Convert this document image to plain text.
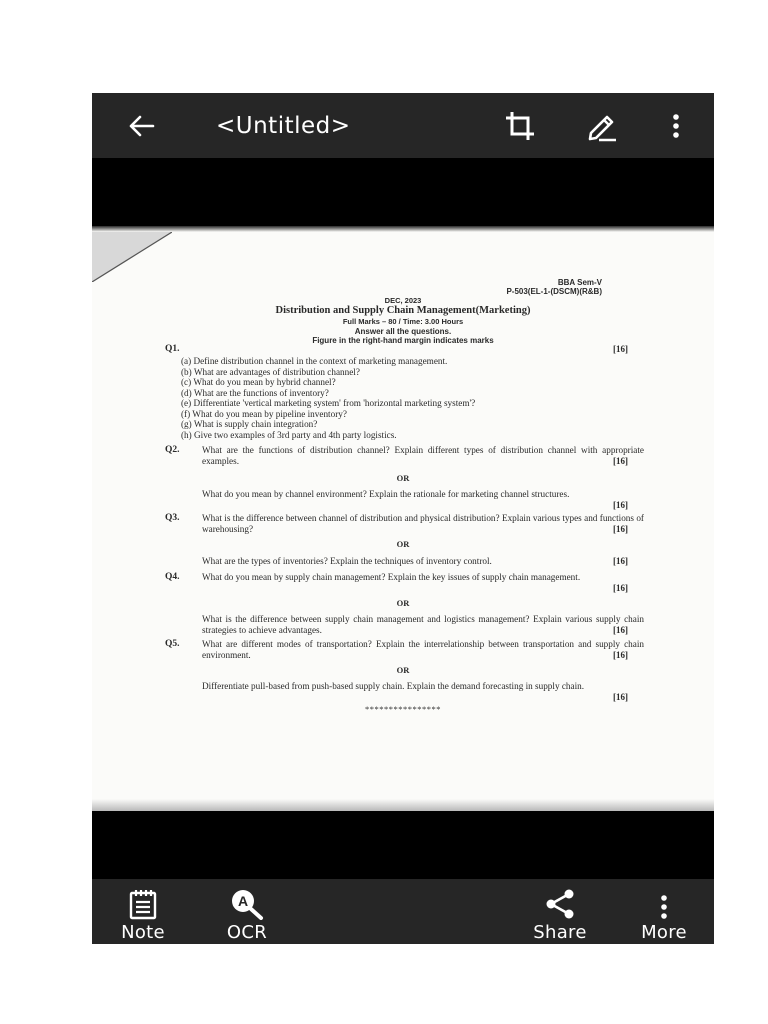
<Untitled>
BBA Sem-V
P-503(EL-1-(DSCM)(R&B)
DEC, 2023
Distribution and Supply Chain Management(Marketing)
Full Marks – 80 / Time: 3.00 Hours
Answer all the questions.
Figure in the right-hand margin indicates marks
Q1.	[16]
(a) Define distribution channel in the context of marketing management.
(b) What are advantages of distribution channel?
(c) What do you mean by hybrid channel?
(d) What are the functions of inventory?
(e) Differentiate 'vertical marketing system' from 'horizontal marketing system'?
(f) What do you mean by pipeline inventory?
(g) What is supply chain integration?
(h) Give two examples of 3rd party and 4th party logistics.
Q2. What are the functions of distribution channel? Explain different types of distribution channel with appropriate examples.	[16]
OR
What do you mean by channel environment? Explain the rationale for marketing channel structures.
[16]
Q3. What is the difference between channel of distribution and physical distribution? Explain various types and functions of warehousing?	[16]
OR
What are the types of inventories? Explain the techniques of inventory control.	[16]
Q4. What do you mean by supply chain management? Explain the key issues of supply chain management.
[16]
OR
What is the difference between supply chain management and logistics management? Explain various supply chain strategies to achieve advantages.	[16]
Q5. What are different modes of transportation? Explain the interrelationship between transportation and supply chain environment.	[16]
OR
Differentiate pull-based from push-based supply chain. Explain the demand forecasting in supply chain.
[16]
****************
Note
A
OCR	Share	More
